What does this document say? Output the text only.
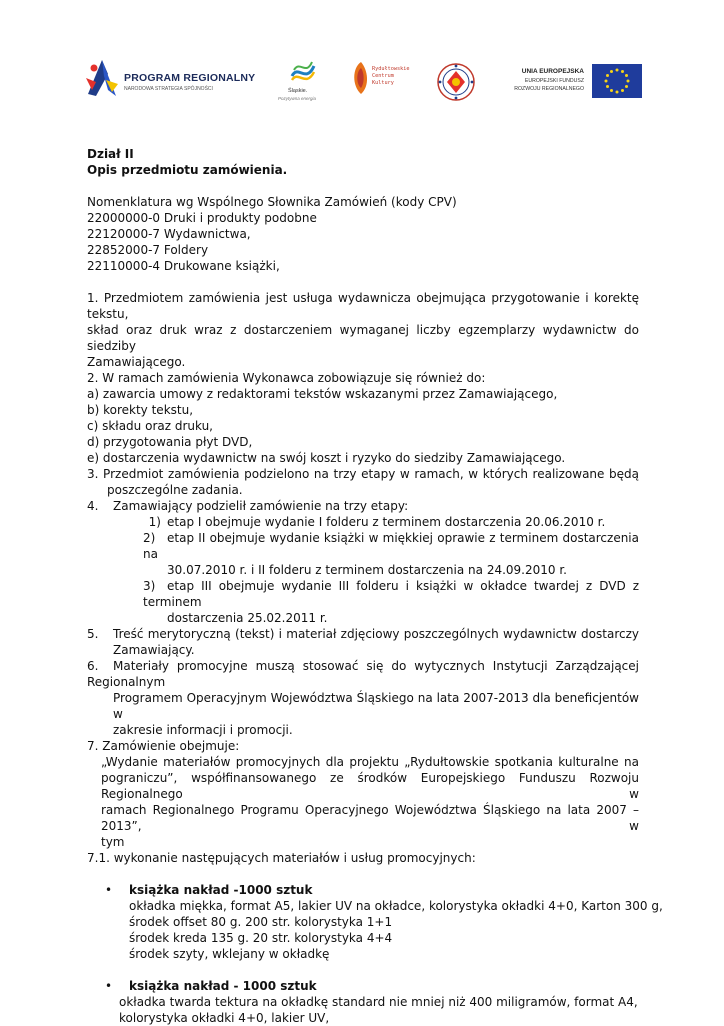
PROGRAM REGIONALNY
NARODOWA STRATEGIA SPÓJNOŚCI	Śląskie.
Pozytywna energia
Rydułtowskie
Centrum
Kultury
UNIA EUROPEJSKA
EUROPEJSKI FUNDUSZ
ROZWOJU REGIONALNEGO
Dział II
Opis przedmiotu zamówienia.
Nomenklatura wg Wspólnego Słownika Zamówień (kody CPV)
22000000-0 Druki i produkty podobne
22120000-7 Wydawnictwa,
22852000-7 Foldery
22110000-4 Drukowane książki,
1. Przedmiotem zamówienia jest usługa wydawnicza obejmująca przygotowanie i korektę tekstu,
skład oraz druk wraz z dostarczeniem wymaganej liczby egzemplarzy wydawnictw do siedziby
Zamawiającego.
2. W ramach zamówienia Wykonawca zobowiązuje się również do:
a) zawarcia umowy z redaktorami tekstów wskazanymi przez Zamawiającego,
b) korekty tekstu,
c) składu oraz druku,
d) przygotowania płyt DVD,
e) dostarczenia wydawnictw na swój koszt i ryzyko do siedziby Zamawiającego.
3. Przedmiot zamówienia podzielono na trzy etapy w ramach, w których realizowane będą
poszczególne zadania.
4. Zamawiający podzielił zamówienie na trzy etapy:
1) etap I obejmuje wydanie I folderu z terminem dostarczenia 20.06.2010 r.
2) etap II obejmuje wydanie książki w miękkiej oprawie z terminem dostarczenia na
30.07.2010 r. i II folderu z terminem dostarczenia na 24.09.2010 r.
3) etap III obejmuje wydanie III folderu i książki w okładce twardej z DVD z terminem
dostarczenia 25.02.2011 r.
5. Treść merytoryczną (tekst) i materiał zdjęciowy poszczególnych wydawnictw dostarczy
Zamawiający.
6. Materiały promocyjne muszą stosować się do wytycznych Instytucji Zarządzającej Regionalnym
Programem Operacyjnym Województwa Śląskiego na lata 2007-2013 dla beneficjentów w
zakresie informacji i promocji.
7. Zamówienie obejmuje:
„Wydanie materiałów promocyjnych dla projektu „Rydułtowskie spotkania kulturalne na
pograniczu”, współfinansowanego ze środków Europejskiego Funduszu Rozwoju Regionalnego w
ramach Regionalnego Programu Operacyjnego Województwa Śląskiego na lata 2007 – 2013”, w
tym
7.1. wykonanie następujących materiałów i usług promocyjnych:
• książka nakład -1000 sztuk
okładka miękka, format A5, lakier UV na okładce, kolorystyka okładki 4+0, Karton 300 g,
środek offset 80 g. 200 str. kolorystyka 1+1
środek kreda 135 g. 20 str. kolorystyka 4+4
środek szyty, wklejany w okładkę
• książka nakład - 1000 sztuk
okładka twarda tektura na okładkę standard nie mniej niż 400 miligramów, format A4,
kolorystyka okładki 4+0, lakier UV,
